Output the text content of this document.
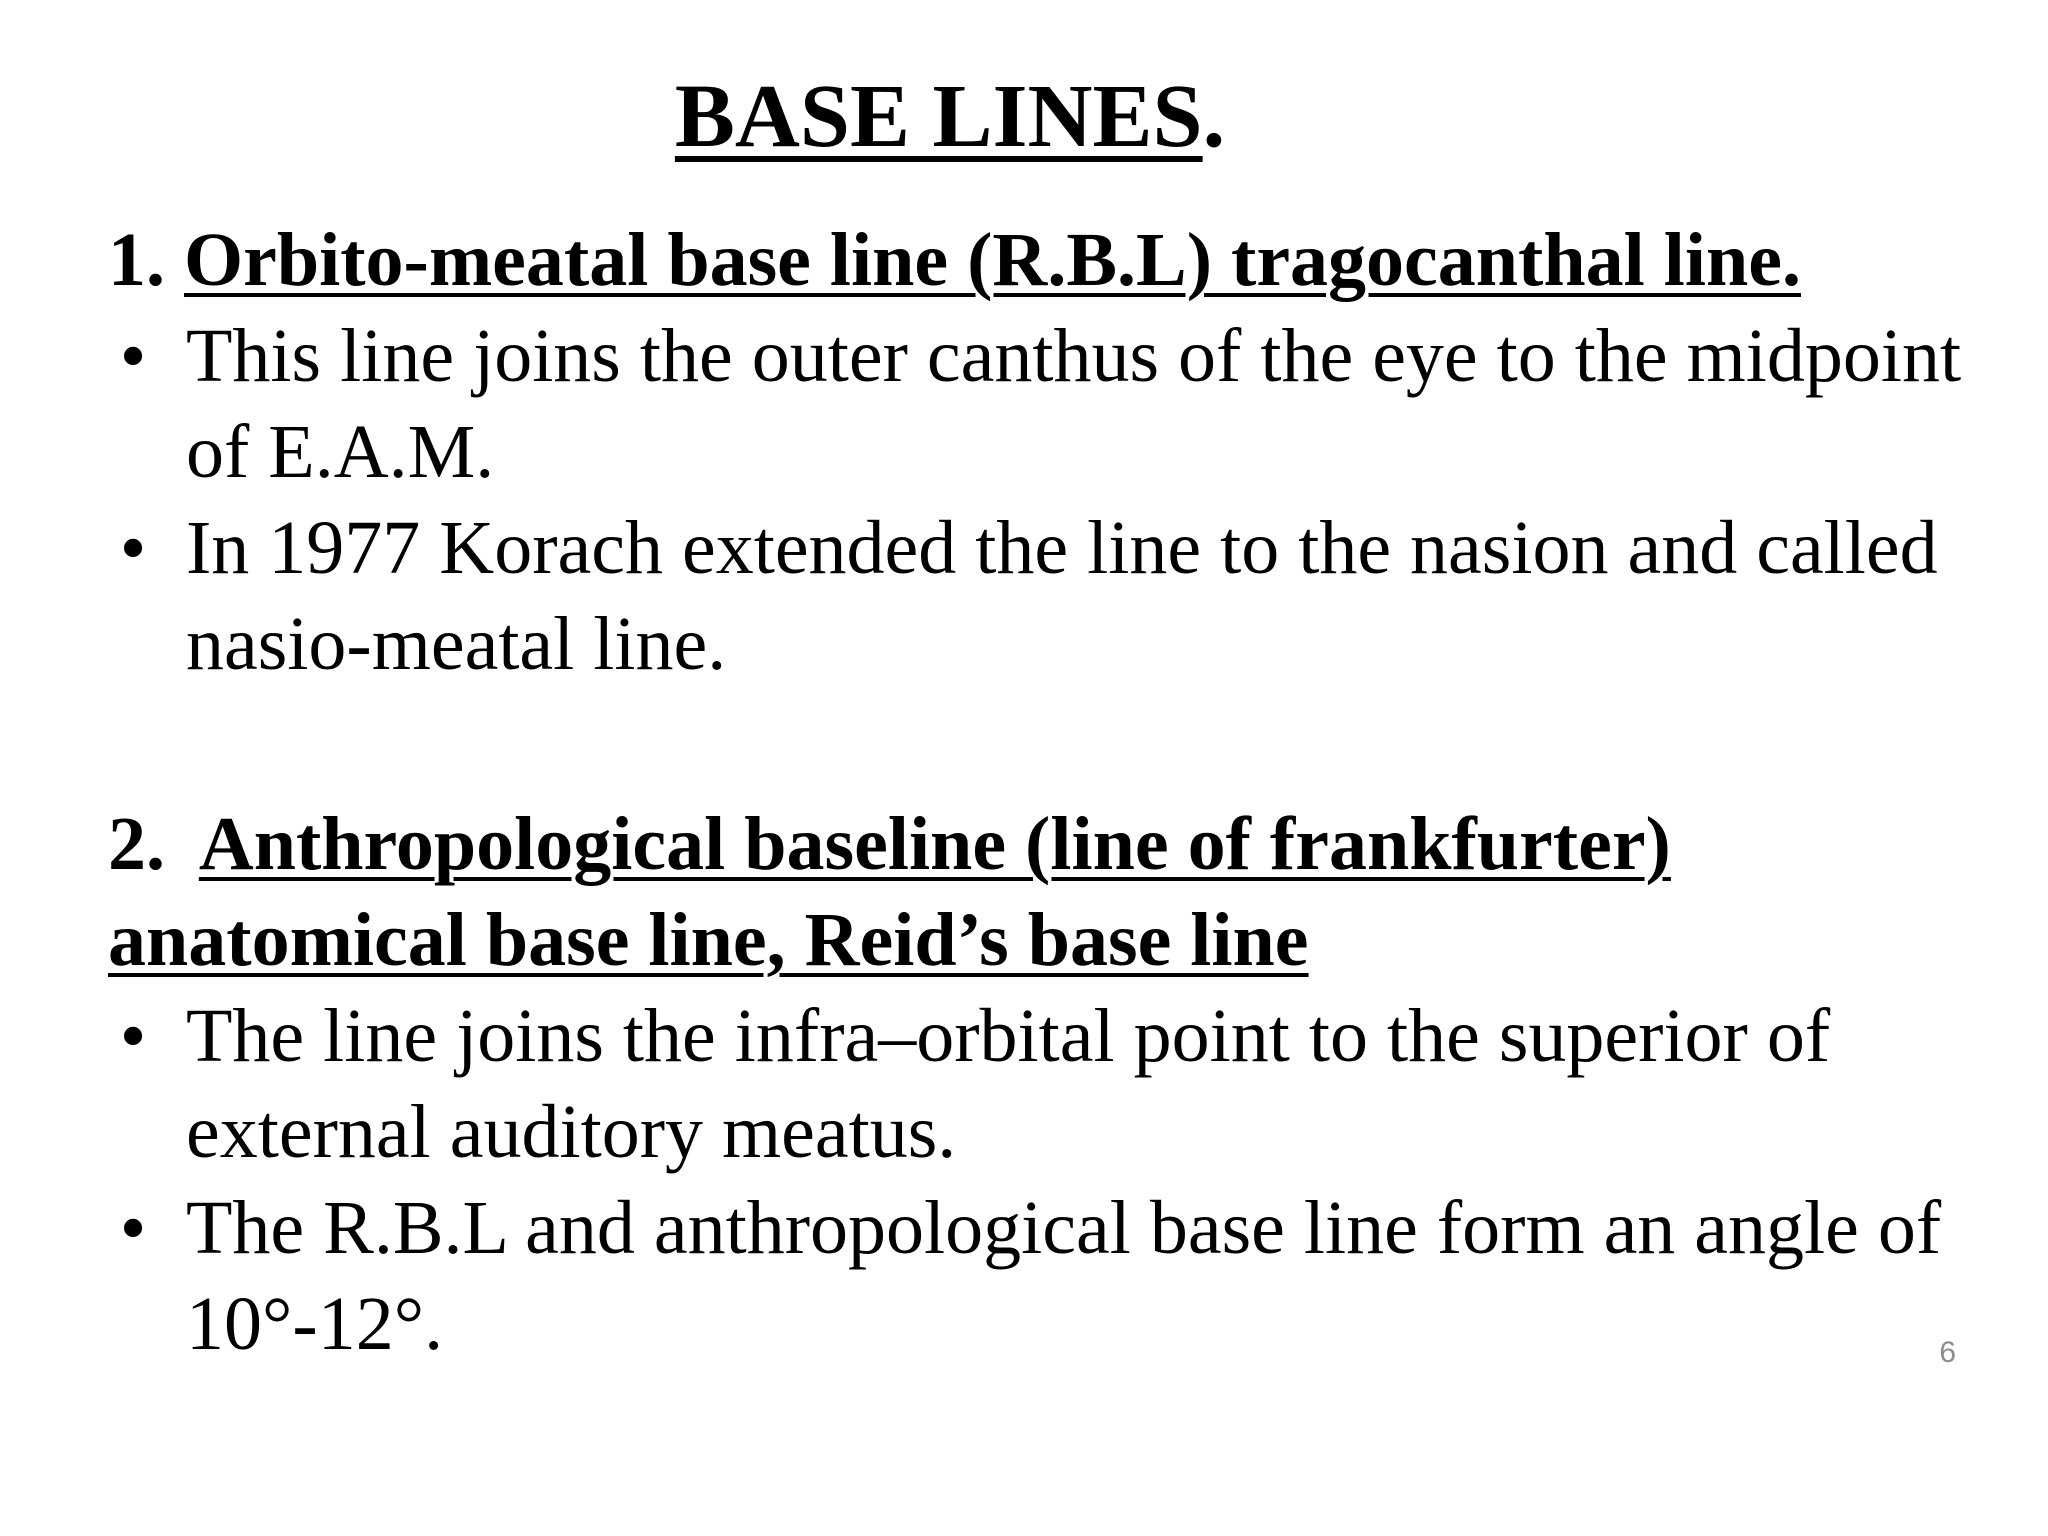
BASE LINES.
1. Orbito-meatal base line (R.B.L) tragocanthal line.
• This line joins the outer canthus of the eye to the midpoint of E.A.M.
• In 1977 Korach extended the line to the nasion and called nasio-meatal line.
2. Anthropological baseline (line of frankfurter)
anatomical base line, Reid’s base line
• The line joins the infra–orbital point to the superior of external auditory meatus.
• The R.B.L and anthropological base line form an angle of 10°-12°.	6
